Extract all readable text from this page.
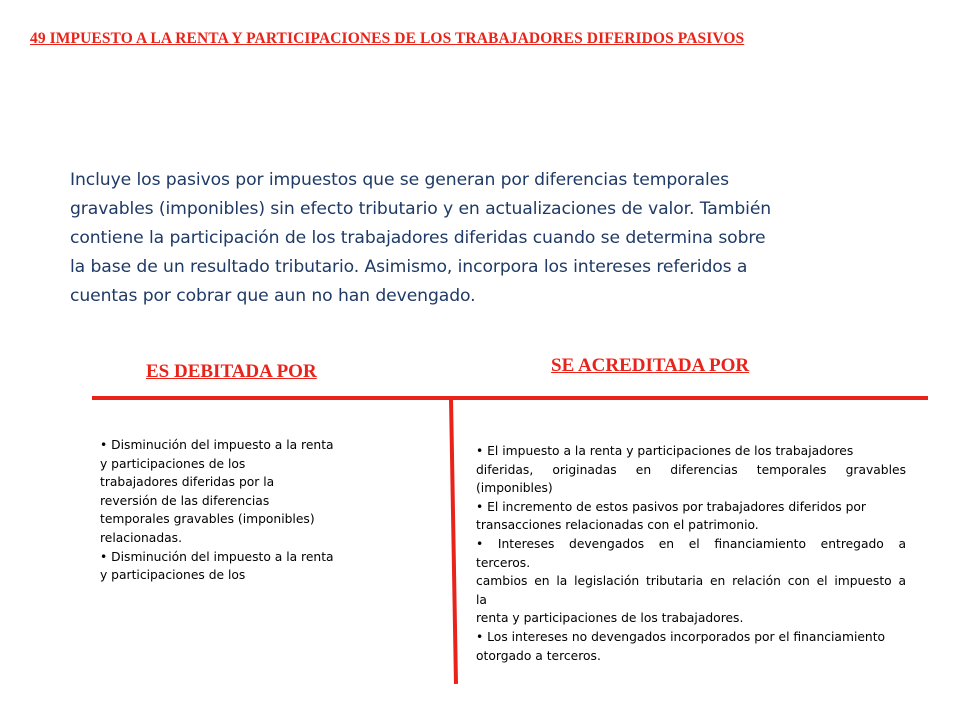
49 IMPUESTO A LA RENTA Y PARTICIPACIONES DE LOS TRABAJADORES DIFERIDOS PASIVOS
Incluye los pasivos por impuestos que se generan por diferencias temporales
gravables (imponibles) sin efecto tributario y en actualizaciones de valor. También
contiene la participación de los trabajadores diferidas cuando se determina sobre
la base de un resultado tributario. Asimismo, incorpora los intereses referidos a
cuentas por cobrar que aun no han devengado.
ES DEBITADA POR	SE ACREDITADA POR
• Disminución del impuesto a la renta
y participaciones de los
trabajadores diferidas por la
reversión de las diferencias
temporales gravables (imponibles)
relacionadas.
• Disminución del impuesto a la renta
y participaciones de los
• El impuesto a la renta y participaciones de los trabajadores
diferidas, originadas en diferencias temporales gravables
(imponibles)
• El incremento de estos pasivos por trabajadores diferidos por
transacciones relacionadas con el patrimonio.
• Intereses devengados en el financiamiento entregado a
terceros.
cambios en la legislación tributaria en relación con el impuesto a
la
renta y participaciones de los trabajadores.
• Los intereses no devengados incorporados por el financiamiento
otorgado a terceros.
